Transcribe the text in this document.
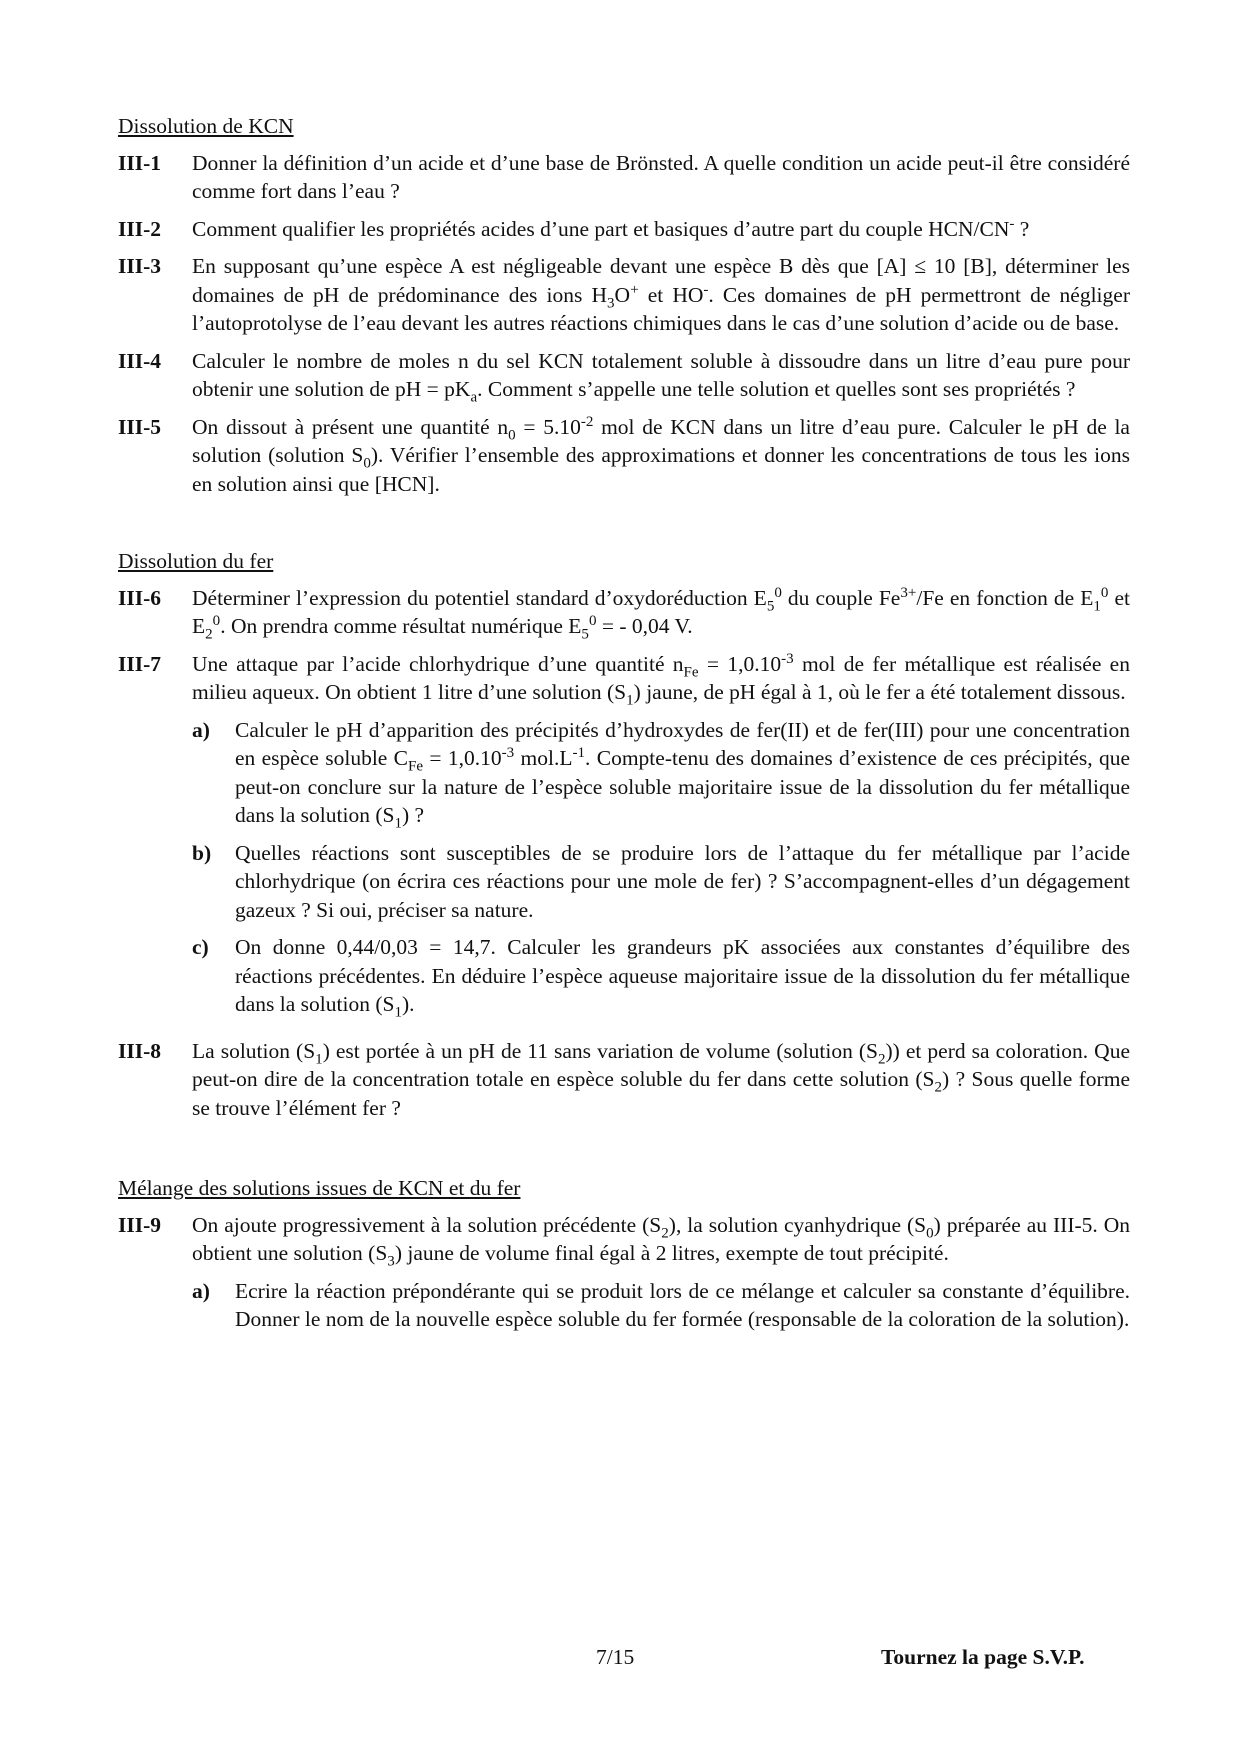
Dissolution de KCN
III-1	Donner la définition d’un acide et d’une base de Brönsted. A quelle condition un acide peut-il être considéré comme fort dans l’eau ?
III-2	Comment qualifier les propriétés acides d’une part et basiques d’autre part du couple HCN/CN- ?
III-3	En supposant qu’une espèce A est négligeable devant une espèce B dès que [A] ≤ 10 [B], déterminer les domaines de pH de prédominance des ions $H_3O^+$ et HO-. Ces domaines de pH permettront de négliger l’autoprotolyse de l’eau devant les autres réactions chimiques dans le cas d’une solution d’acide ou de base.
III-4	Calculer le nombre de moles n du sel KCN totalement soluble à dissoudre dans un litre d’eau pure pour obtenir une solution de pH = $pK_a$. Comment s’appelle une telle solution et quelles sont ses propriétés ?
III-5	On dissout à présent une quantité $n_0 = 5.10^{-2}$ mol de KCN dans un litre d’eau pure. Calculer le pH de la solution (solution $S_0$). Vérifier l’ensemble des approximations et donner les concentrations de tous les ions en solution ainsi que [HCN].
Dissolution du fer
III-6	Déterminer l’expression du potentiel standard d’oxydoréduction $E_5^0$ du couple $Fe^{3+}/Fe$ en fonction de $E_1^0$ et $E_2^0$. On prendra comme résultat numérique $E_5^0$ = - 0,04 V.
III-7	Une attaque par l’acide chlorhydrique d’une quantité $n_{Fe} = 1,0.10^{-3}$ mol de fer métallique est réalisée en milieu aqueux. On obtient 1 litre d’une solution $(S_1)$ jaune, de pH égal à 1, où le fer a été totalement dissous.
a)	Calculer le pH d’apparition des précipités d’hydroxydes de fer(II) et de fer(III) pour une concentration en espèce soluble $C_{Fe} = 1,0.10^{-3}$ $mol.L^{-1}$. Compte-tenu des domaines d’existence de ces précipités, que peut-on conclure sur la nature de l’espèce soluble majoritaire issue de la dissolution du fer métallique dans la solution $(S_1)$ ?
b)	Quelles réactions sont susceptibles de se produire lors de l’attaque du fer métallique par l’acide chlorhydrique (on écrira ces réactions pour une mole de fer) ? S’accompagnent-elles d’un dégagement gazeux ? Si oui, préciser sa nature.
c)	On donne 0,44/0,03 = 14,7. Calculer les grandeurs pK associées aux constantes d’équilibre des réactions précédentes. En déduire l’espèce aqueuse majoritaire issue de la dissolution du fer métallique dans la solution $(S_1)$.
III-8	La solution $(S_1)$ est portée à un pH de 11 sans variation de volume (solution $(S_2)$) et perd sa coloration. Que peut-on dire de la concentration totale en espèce soluble du fer dans cette solution $(S_2)$ ? Sous quelle forme se trouve l’élément fer ?
Mélange des solutions issues de KCN et du fer
III-9	On ajoute progressivement à la solution précédente $(S_2)$, la solution cyanhydrique $(S_0)$ préparée au III-5. On obtient une solution $(S_3)$ jaune de volume final égal à 2 litres, exempte de tout précipité.
a)	Ecrire la réaction prépondérante qui se produit lors de ce mélange et calculer sa constante d’équilibre. Donner le nom de la nouvelle espèce soluble du fer formée (responsable de la coloration de la solution).
7/15	Tournez la page S.V.P.
